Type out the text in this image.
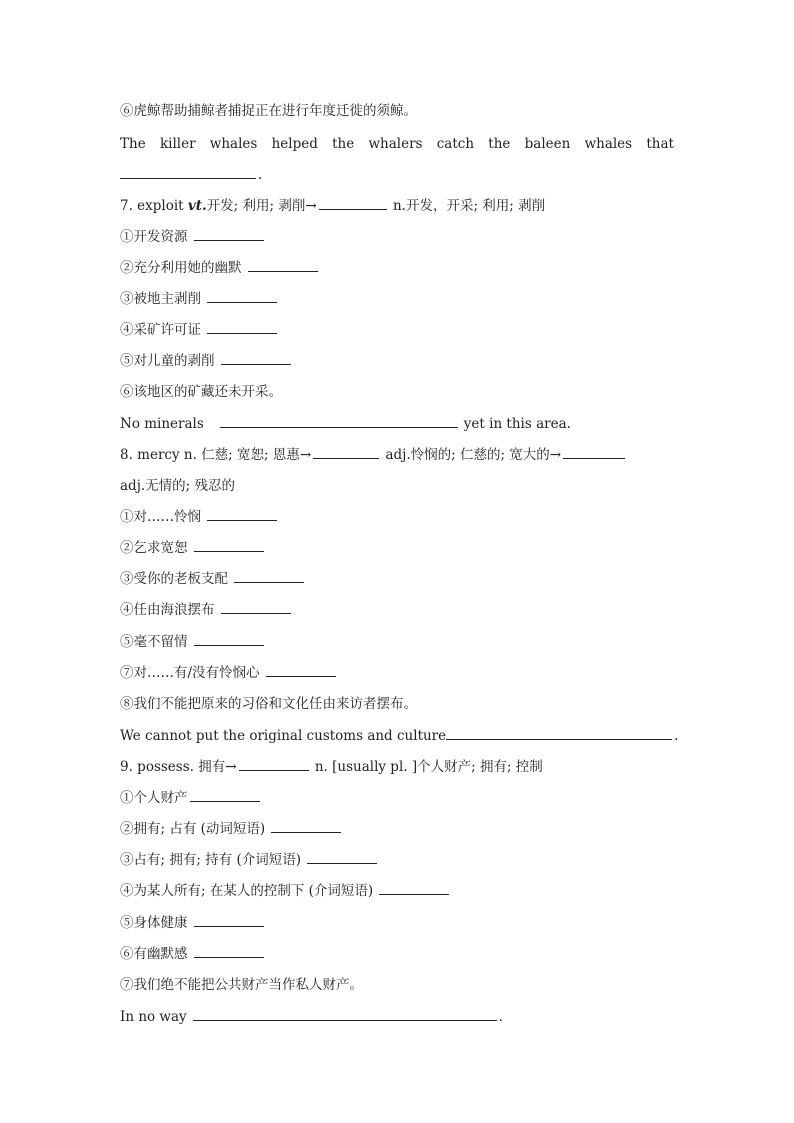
⑥虎鲸帮助捕鲸者捕捉正在进行年度迁徙的须鲸。
The killer whales helped the whalers catch the baleen whales that
.
7. exploit vt.开发; 利用; 剥削→	n.开发，开采; 利用; 剥削
①开发资源
②充分利用她的幽默
③被地主剥削
④采矿许可证
⑤对儿童的剥削
⑥该地区的矿藏还未开采。
No minerals	yet in this area.
8. mercy n. 仁慈; 宽恕; 恩惠→	adj.怜悯的; 仁慈的; 宽大的→
adj.无情的; 残忍的
①对……怜悯
②乞求宽恕
③受你的老板支配
④任由海浪摆布
⑤毫不留情
⑦对……有/没有怜悯心
⑧我们不能把原来的习俗和文化任由来访者摆布。
We cannot put the original customs and culture	.
9. possess. 拥有→	n. [usually pl. ]个人财产; 拥有; 控制
①个人财产
②拥有; 占有 (动词短语)
③占有; 拥有; 持有 (介词短语)
④为某人所有; 在某人的控制下 (介词短语)
⑤身体健康
⑥有幽默感
⑦我们绝不能把公共财产当作私人财产。
In no way	.
